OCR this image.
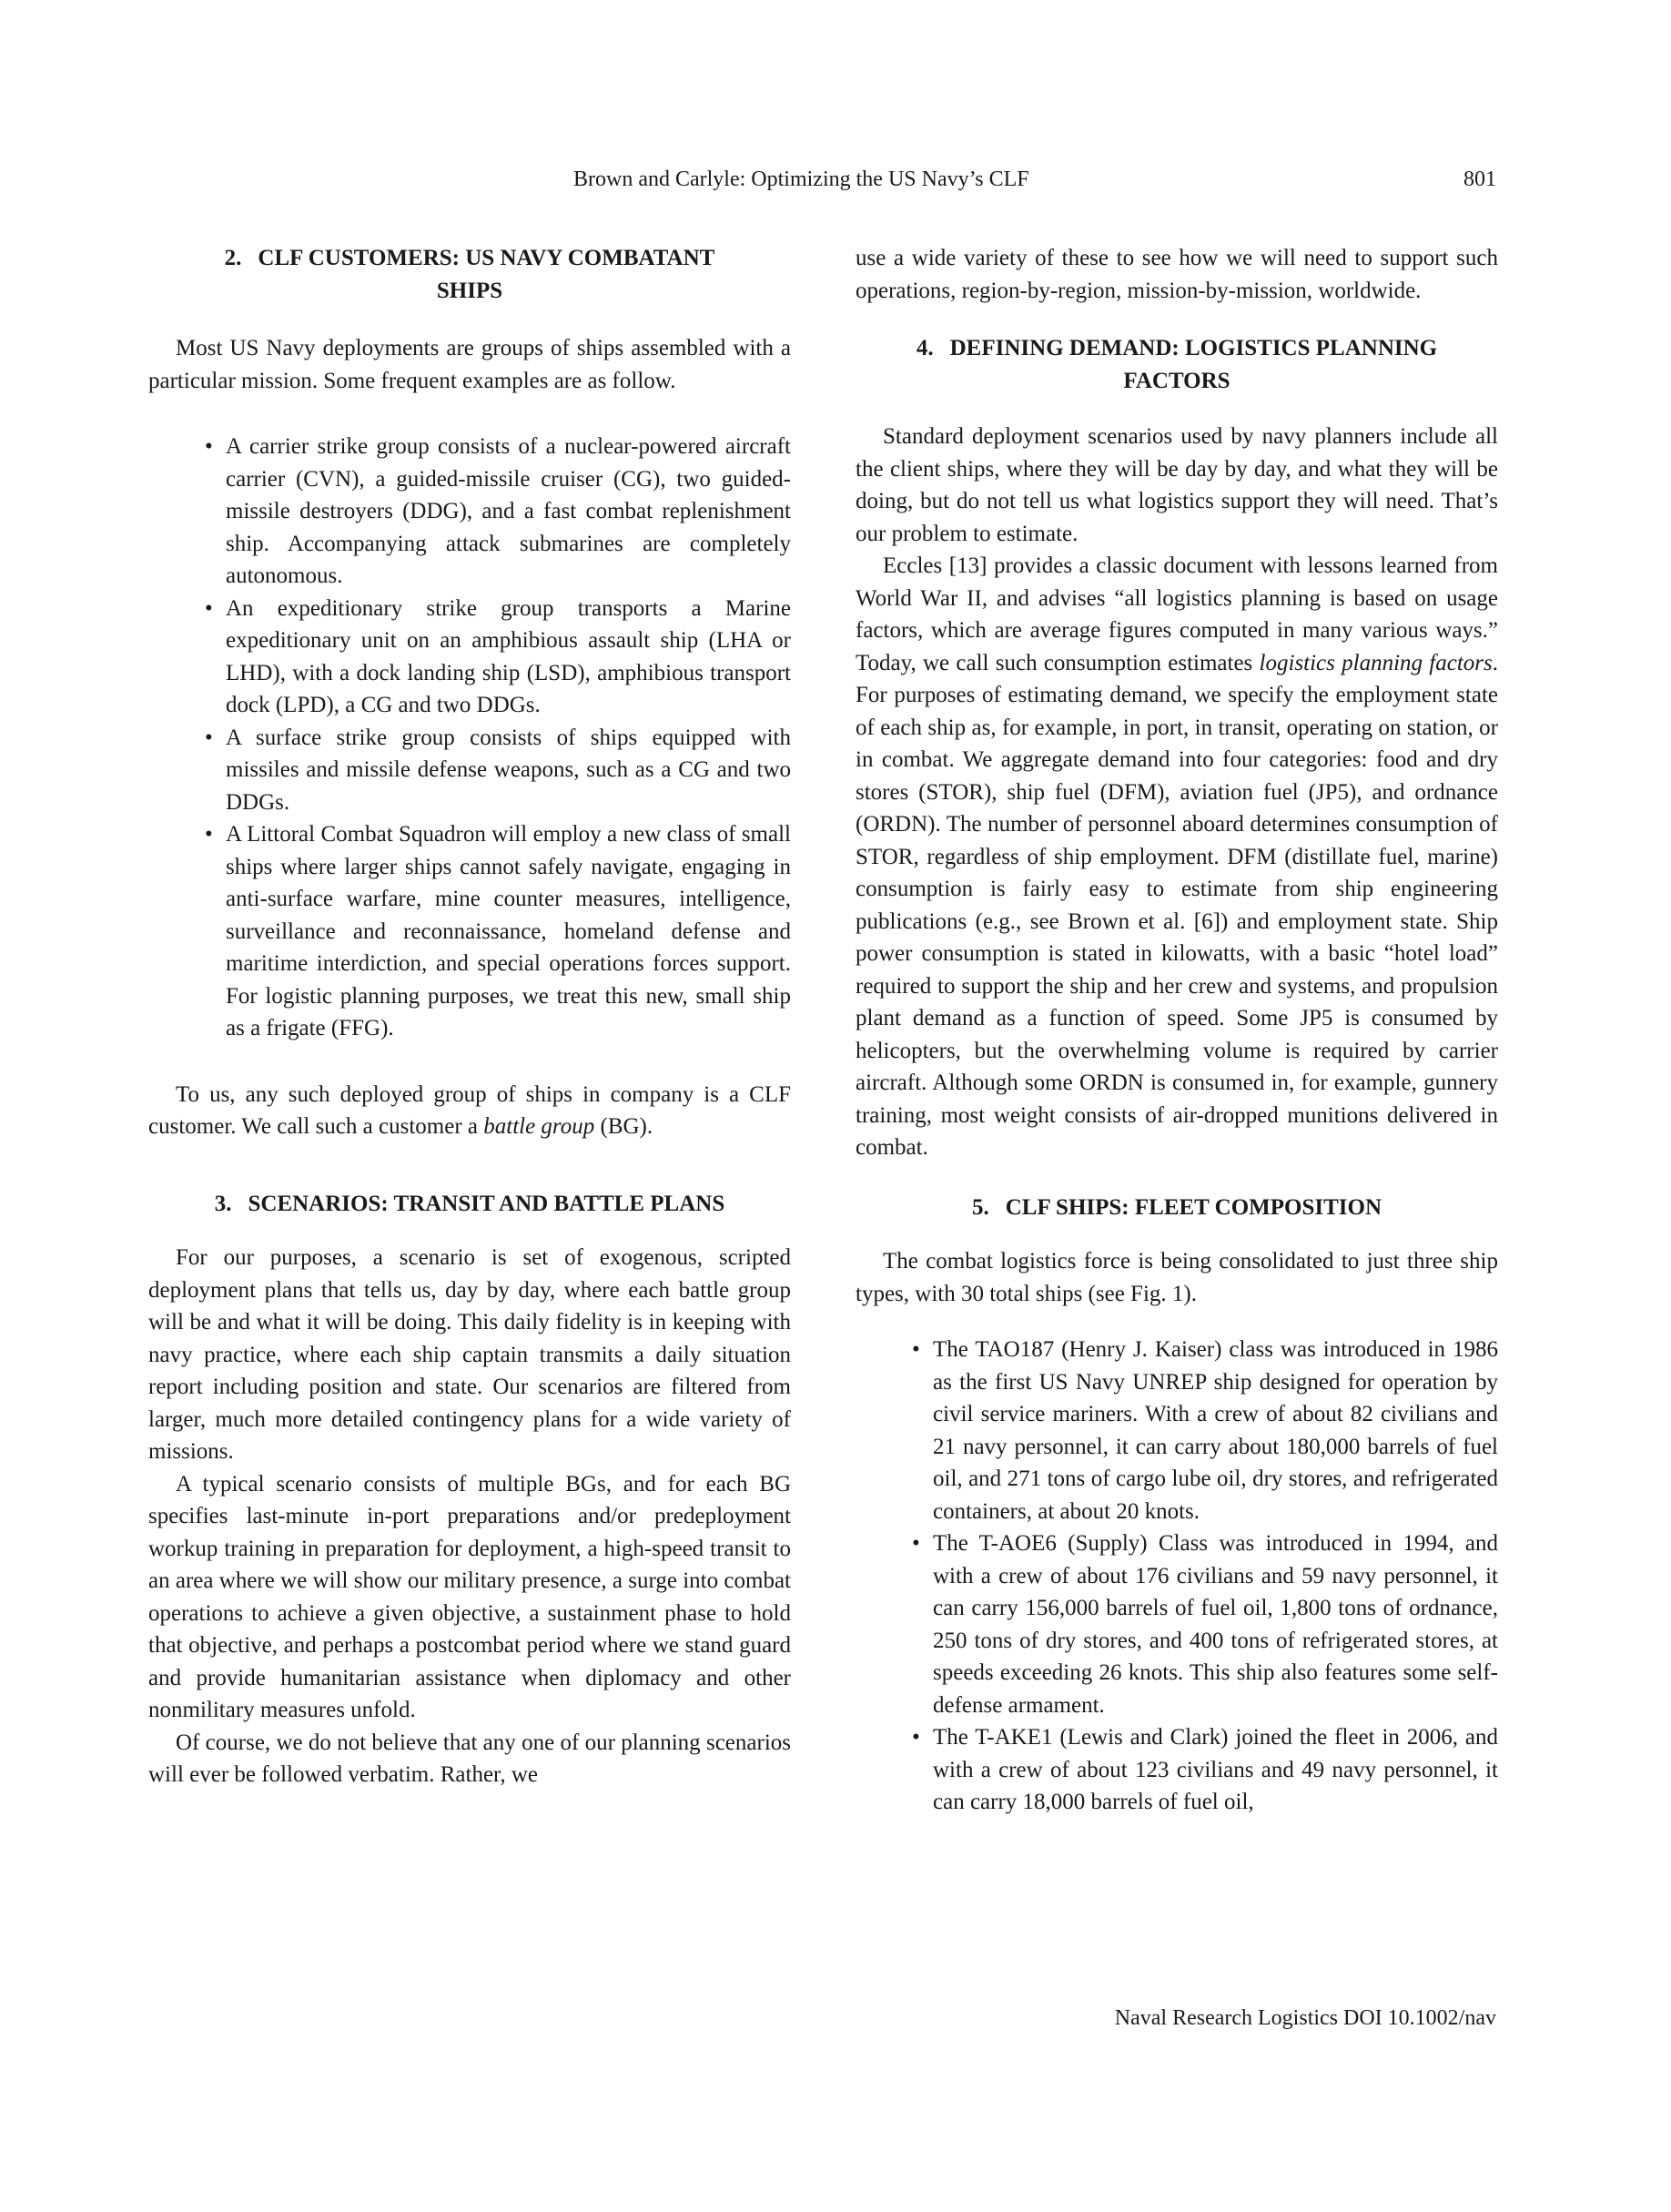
Brown and Carlyle: Optimizing the US Navy’s CLF	801
2. CLF CUSTOMERS: US NAVY COMBATANT
SHIPS

Most US Navy deployments are groups of ships assembled with a particular mission. Some frequent examples are as follow.

• A carrier strike group consists of a nuclear-powered aircraft carrier (CVN), a guided-missile cruiser (CG), two guided-missile destroyers (DDG), and a fast combat replenishment ship. Accompanying attack submarines are completely autonomous.
• An expeditionary strike group transports a Marine expeditionary unit on an amphibious assault ship (LHA or LHD), with a dock landing ship (LSD), amphibious transport dock (LPD), a CG and two DDGs.
• A surface strike group consists of ships equipped with missiles and missile defense weapons, such as a CG and two DDGs.
• A Littoral Combat Squadron will employ a new class of small ships where larger ships cannot safely navigate, engaging in anti-surface warfare, mine counter measures, intelligence, surveillance and reconnaissance, homeland defense and maritime interdiction, and special operations forces support. For logistic planning purposes, we treat this new, small ship as a frigate (FFG).

To us, any such deployed group of ships in company is a CLF customer. We call such a customer a battle group (BG).

3. SCENARIOS: TRANSIT AND BATTLE PLANS

For our purposes, a scenario is set of exogenous, scripted deployment plans that tells us, day by day, where each battle group will be and what it will be doing. This daily fidelity is in keeping with navy practice, where each ship captain transmits a daily situation report including position and state. Our scenarios are filtered from larger, much more detailed contingency plans for a wide variety of missions.

A typical scenario consists of multiple BGs, and for each BG specifies last-minute in-port preparations and/or predeployment workup training in preparation for deployment, a high-speed transit to an area where we will show our military presence, a surge into combat operations to achieve a given objective, a sustainment phase to hold that objective, and perhaps a postcombat period where we stand guard and provide humanitarian assistance when diplomacy and other nonmilitary measures unfold.

Of course, we do not believe that any one of our planning scenarios will ever be followed verbatim. Rather, we

use a wide variety of these to see how we will need to support such operations, region-by-region, mission-by-mission, worldwide.

4. DEFINING DEMAND: LOGISTICS PLANNING
FACTORS

Standard deployment scenarios used by navy planners include all the client ships, where they will be day by day, and what they will be doing, but do not tell us what logistics support they will need. That’s our problem to estimate.

Eccles [13] provides a classic document with lessons learned from World War II, and advises “all logistics planning is based on usage factors, which are average figures computed in many various ways.” Today, we call such consumption estimates logistics planning factors. For purposes of estimating demand, we specify the employment state of each ship as, for example, in port, in transit, operating on station, or in combat. We aggregate demand into four categories: food and dry stores (STOR), ship fuel (DFM), aviation fuel (JP5), and ordnance (ORDN). The number of personnel aboard determines consumption of STOR, regardless of ship employment. DFM (distillate fuel, marine) consumption is fairly easy to estimate from ship engineering publications (e.g., see Brown et al. [6]) and employment state. Ship power consumption is stated in kilowatts, with a basic “hotel load” required to support the ship and her crew and systems, and propulsion plant demand as a function of speed. Some JP5 is consumed by helicopters, but the overwhelming volume is required by carrier aircraft. Although some ORDN is consumed in, for example, gunnery training, most weight consists of air-dropped munitions delivered in combat.

5. CLF SHIPS: FLEET COMPOSITION

The combat logistics force is being consolidated to just three ship types, with 30 total ships (see Fig. 1).

• The TAO187 (Henry J. Kaiser) class was introduced in 1986 as the first US Navy UNREP ship designed for operation by civil service mariners. With a crew of about 82 civilians and 21 navy personnel, it can carry about 180,000 barrels of fuel oil, and 271 tons of cargo lube oil, dry stores, and refrigerated containers, at about 20 knots.
• The T-AOE6 (Supply) Class was introduced in 1994, and with a crew of about 176 civilians and 59 navy personnel, it can carry 156,000 barrels of fuel oil, 1,800 tons of ordnance, 250 tons of dry stores, and 400 tons of refrigerated stores, at speeds exceeding 26 knots. This ship also features some self-defense armament.
• The T-AKE1 (Lewis and Clark) joined the fleet in 2006, and with a crew of about 123 civilians and 49 navy personnel, it can carry 18,000 barrels of fuel oil,
Naval Research Logistics DOI 10.1002/nav
